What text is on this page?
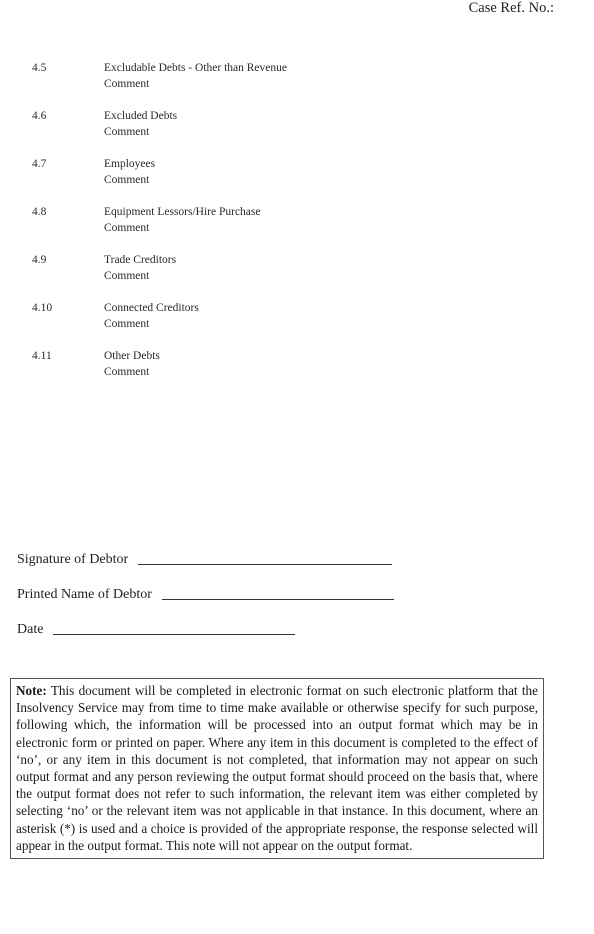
Case Ref. No.:
4.5	Excludable Debts - Other than Revenue
Comment
4.6	Excluded Debts
Comment
4.7	Employees
Comment
4.8	Equipment Lessors/Hire Purchase
Comment
4.9	Trade Creditors
Comment
4.10	Connected Creditors
Comment
4.11	Other Debts
Comment
Signature of Debtor
Printed Name of Debtor
Date
Note: This document will be completed in electronic format on such electronic platform that the Insolvency Service may from time to time make available or otherwise specify for such purpose, following which, the information will be processed into an output format which may be in electronic form or printed on paper. Where any item in this document is completed to the effect of ‘no’, or any item in this document is not completed, that information may not appear on such output format and any person reviewing the output format should proceed on the basis that, where the output format does not refer to such information, the relevant item was either completed by selecting ‘no’ or the relevant item was not applicable in that instance. In this document, where an asterisk (*) is used and a choice is provided of the appropriate response, the response selected will appear in the output format. This note will not appear on the output format.
